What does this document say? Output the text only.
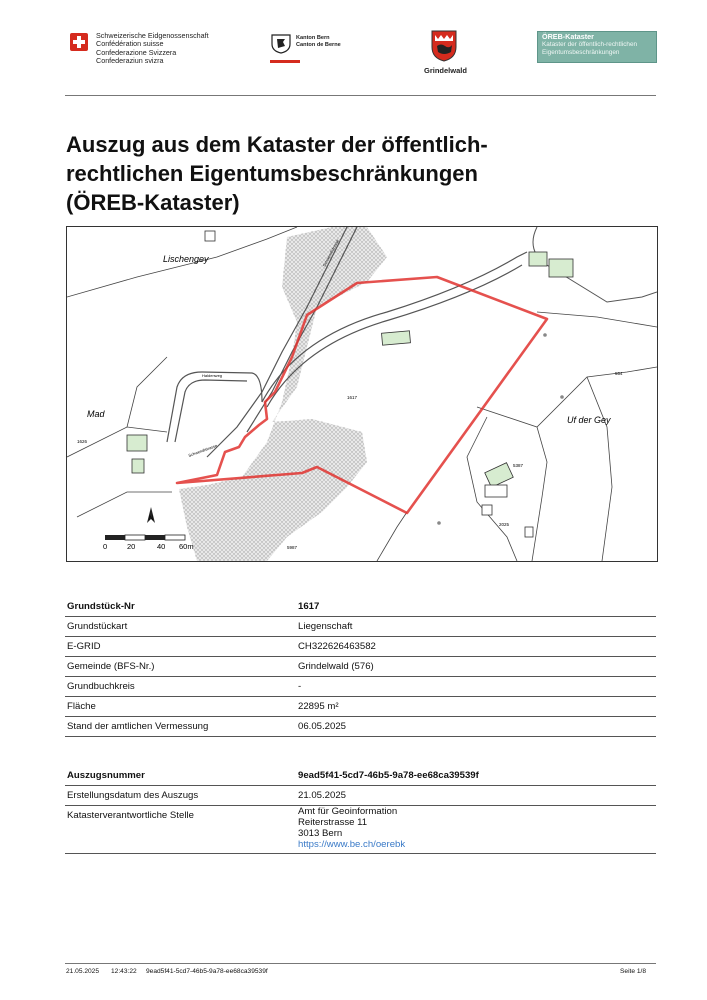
Schweizerische Eidgenossenschaft
Confédération suisse
Confederazione Svizzera
Confederaziun svizra
Kanton Bern
Canton de Berne
Grindelwald
ÖREB-Kataster
Kataster der öffentlich-rechtlichen Eigentumsbeschränkungen
Auszug aus dem Kataster der öffentlich-
rechtlichen Eigentumsbeschränkungen
(ÖREB-Kataster)
0	20	40 60m
N
Lischengey
Mad
Uf der Gey
1617
1626
554
5387
2025
5987
Schwendistrasse
Haldenweg
Schwendistrasse
Grundstück-Nr	1617
Grundstückart	Liegenschaft
E-GRID	CH322626463582
Gemeinde (BFS-Nr.)	Grindelwald (576)
Grundbuchkreis	-
Fläche	22895 m²
Stand der amtlichen Vermessung	06.05.2025
Auszugsnummer	9ead5f41-5cd7-46b5-9a78-ee68ca39539f
Erstellungsdatum des Auszugs	21.05.2025
Katasterverantwortliche Stelle	Amt für Geoinformation
Reiterstrasse 11
3013 Bern
https://www.be.ch/oerebk
21.05.2025 12:43:22 9ead5f41-5cd7-46b5-9a78-ee68ca39539f	Seite 1/8
